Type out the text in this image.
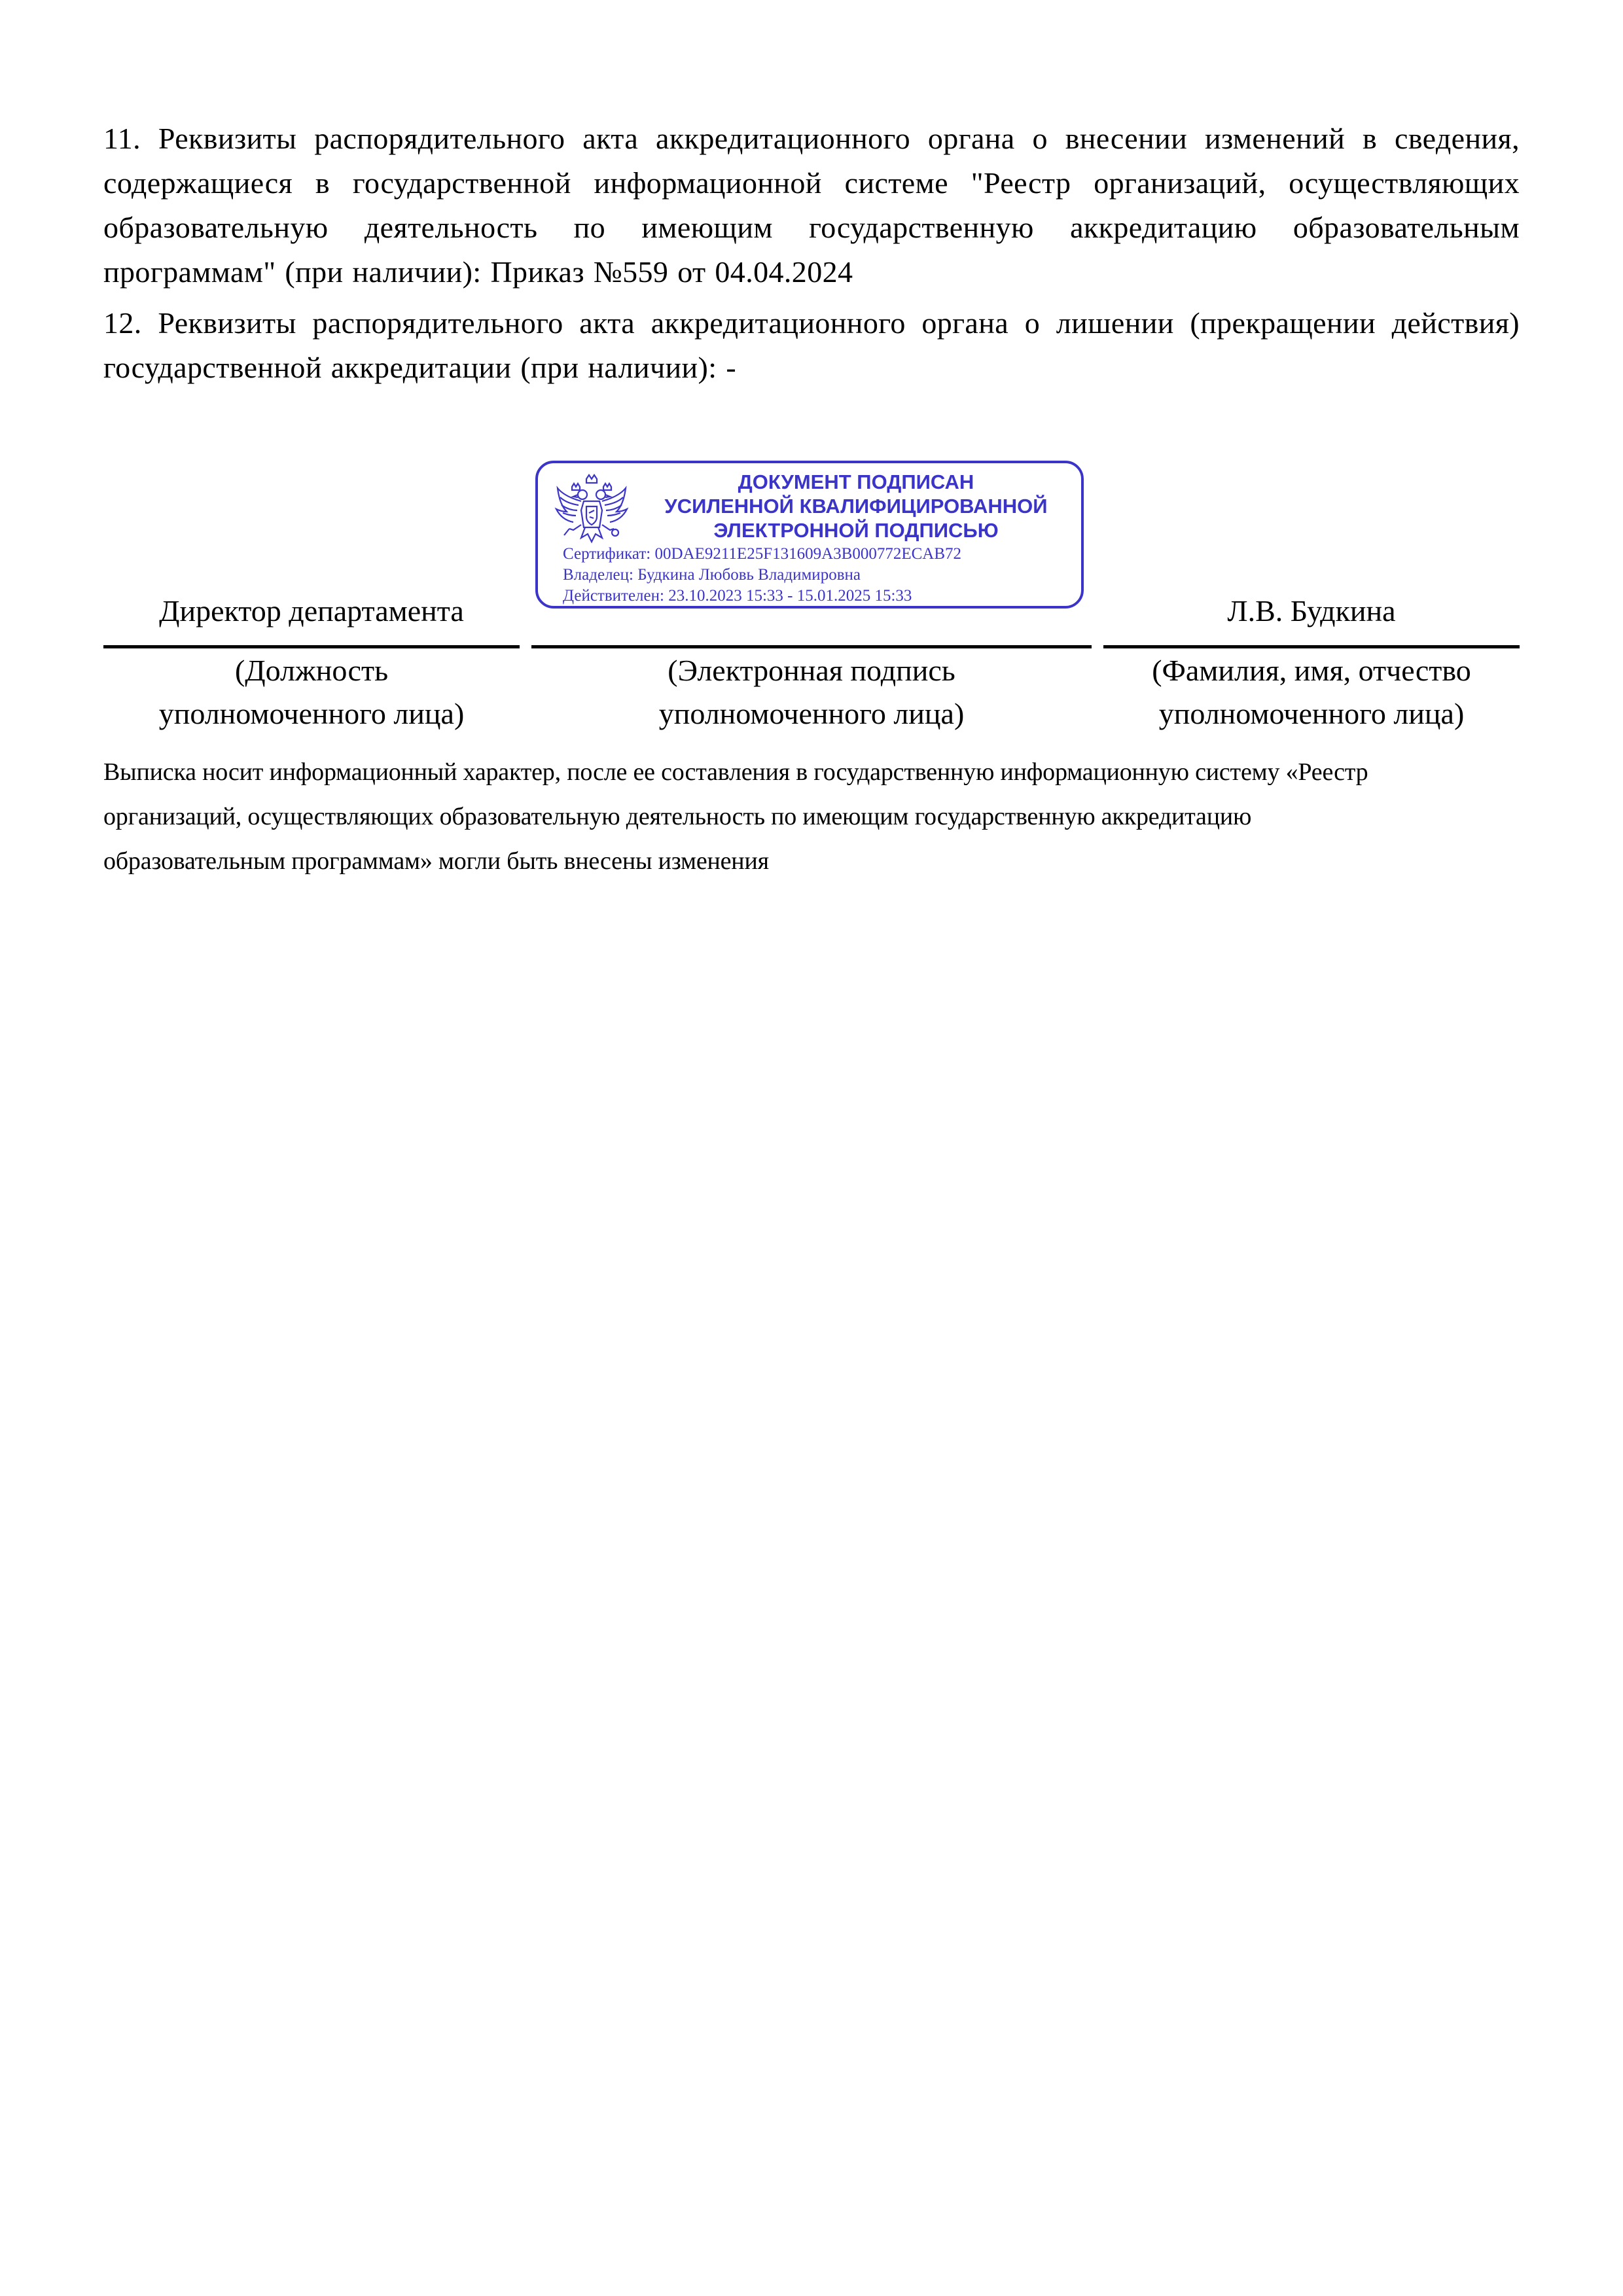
11. Реквизиты распорядительного акта аккредитационного органа о внесении изменений в сведения, содержащиеся в государственной информационной системе "Реестр организаций, осуществляющих образовательную деятельность по имеющим государственную аккредитацию образовательным программам" (при наличии): Приказ №559 от 04.04.2024
12. Реквизиты распорядительного акта аккредитационного органа о лишении (прекращении действия) государственной аккредитации (при наличии): -
ДОКУМЕНТ ПОДПИСАН
УСИЛЕННОЙ КВАЛИФИЦИРОВАННОЙ
ЭЛЕКТРОННОЙ ПОДПИСЬЮ
Сертификат: 00DAE9211E25F131609A3B000772ECAB72
Владелец: Будкина Любовь Владимировна
Действителен: 23.10.2023 15:33 - 15.01.2025 15:33
Директор департамента	Л.В. Будкина
(Должность
уполномоченного лица)
(Электронная подпись
уполномоченного лица)
(Фамилия, имя, отчество
уполномоченного лица)
Выписка носит информационный характер, после ее составления в государственную информационную систему «Реестр
организаций, осуществляющих образовательную деятельность по имеющим государственную аккредитацию
образовательным программам» могли быть внесены изменения
